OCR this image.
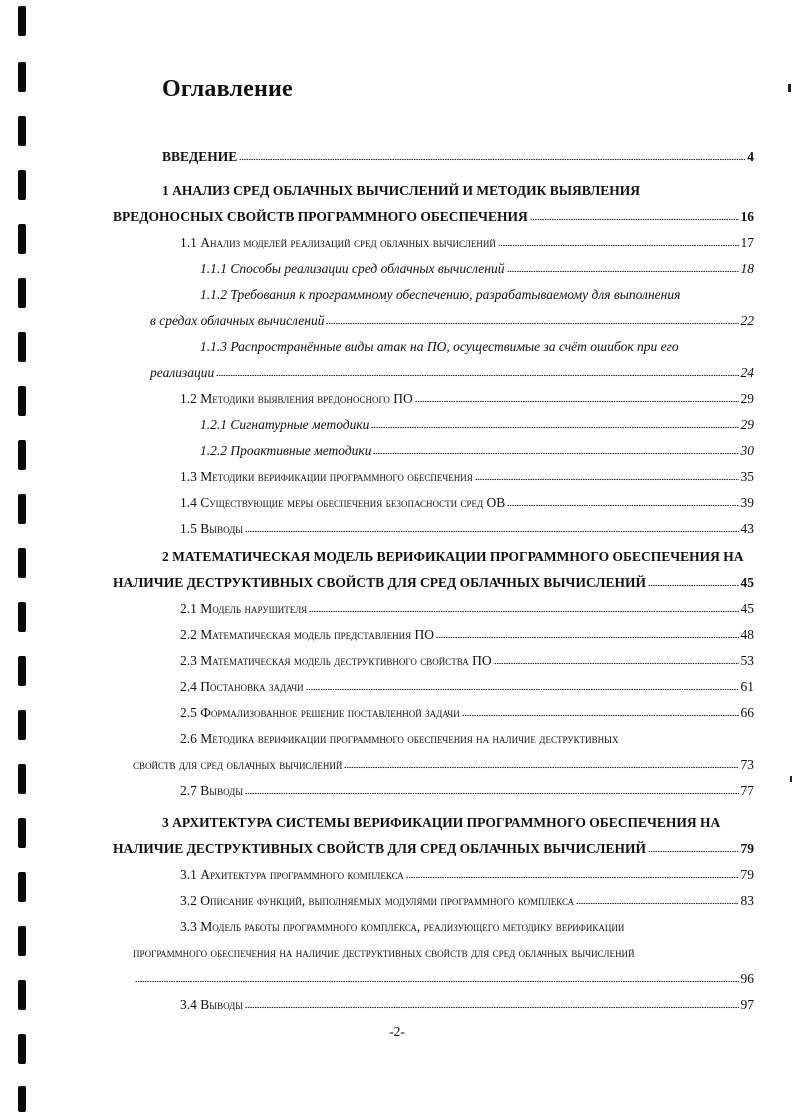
Оглавление
ВВЕДЕНИЕ	4
1 АНАЛИЗ СРЕД ОБЛАЧНЫХ ВЫЧИСЛЕНИЙ И МЕТОДИК ВЫЯВЛЕНИЯ
ВРЕДОНОСНЫХ СВОЙСТВ ПРОГРАММНОГО ОБЕСПЕЧЕНИЯ	16
1.1 Анализ моделей реализаций сред облачных вычислений	17
1.1.1 Способы реализации сред облачных вычислений	18
1.1.2 Требования к программному обеспечению, разрабатываемому для выполнения
в средах облачных вычислений	22
1.1.3 Распространённые виды атак на ПО, осуществимые за счёт ошибок при его
реализации	24
1.2 Методики выявления вредоносного ПО	29
1.2.1 Сигнатурные методики	29
1.2.2 Проактивные методики	30
1.3 Методики верификации программного обеспечения	35
1.4 Существующие меры обеспечения безопасности сред ОВ	39
1.5 Выводы	43
2 МАТЕМАТИЧЕСКАЯ МОДЕЛЬ ВЕРИФИКАЦИИ ПРОГРАММНОГО ОБЕСПЕЧЕНИЯ НА
НАЛИЧИЕ ДЕСТРУКТИВНЫХ СВОЙСТВ ДЛЯ СРЕД ОБЛАЧНЫХ ВЫЧИСЛЕНИЙ	45
2.1 Модель нарушителя	45
2.2 Математическая модель представления ПО	48
2.3 Математическая модель деструктивного свойства ПО	53
2.4 Постановка задачи	61
2.5 Формализованное решение поставленной задачи	66
2.6 Методика верификации программного обеспечения на наличие деструктивных
свойств для сред облачных вычислений	73
2.7 Выводы	77
3 АРХИТЕКТУРА СИСТЕМЫ ВЕРИФИКАЦИИ ПРОГРАММНОГО ОБЕСПЕЧЕНИЯ НА
НАЛИЧИЕ ДЕСТРУКТИВНЫХ СВОЙСТВ ДЛЯ СРЕД ОБЛАЧНЫХ ВЫЧИСЛЕНИЙ	79
3.1 Архитектура программного комплекса	79
3.2 Описание функций, выполняемых модулями программного комплекса	83
3.3 Модель работы программного комплекса, реализующего методику верификации
программного обеспечения на наличие деструктивных свойств для сред облачных вычислений
96
3.4 Выводы	97
-2-
